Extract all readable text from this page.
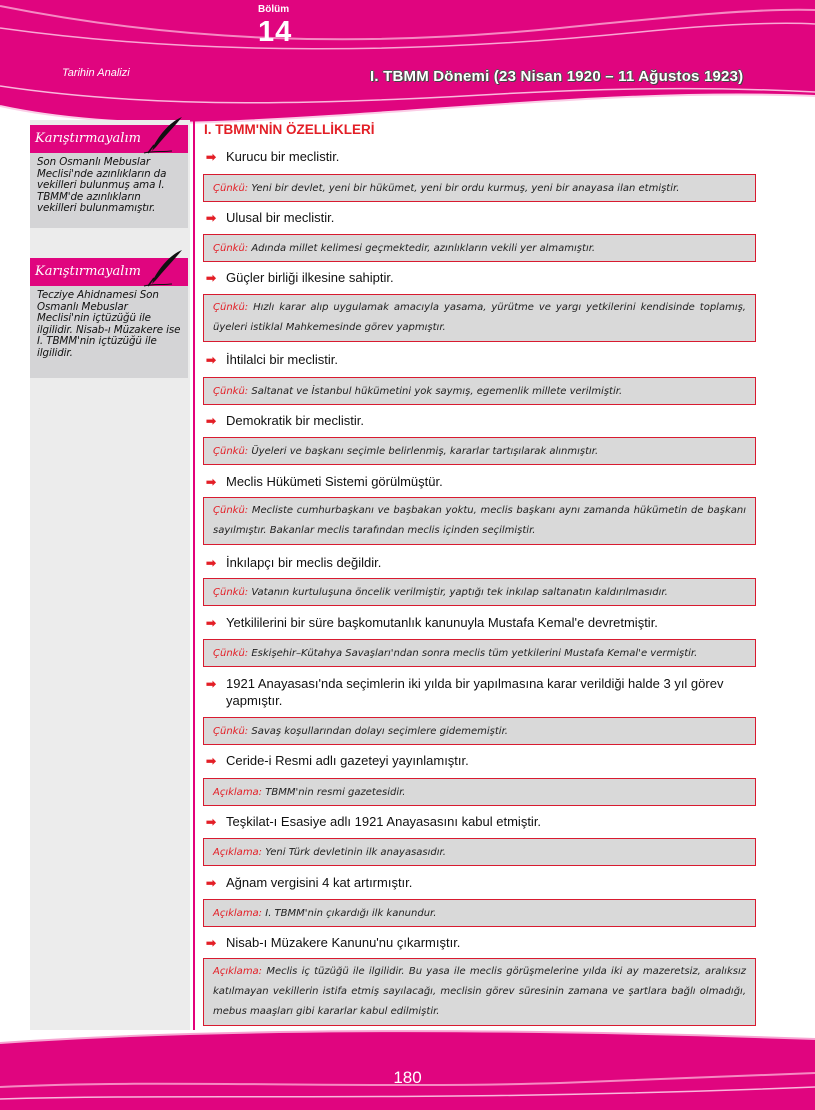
Bölüm
14
Tarihin Analizi	I. TBMM Dönemi (23 Nisan 1920 – 11 Ağustos 1923)
Karıştırmayalım
Son Osmanlı Mebuslar Meclisi'nde azınlıkların da vekilleri bulunmuş ama I. TBMM'de azınlıkların vekilleri bulunmamıştır.
Karıştırmayalım
Tecziye Ahidnamesi Son Osmanlı Mebuslar Meclisi'nin içtüzüğü ile ilgilidir. Nisab-ı Müzakere ise I. TBMM'nin içtüzüğü ile ilgilidir.
I. TBMM'NİN ÖZELLİKLERİ
➡ Kurucu bir meclistir.
Çünkü: Yeni bir devlet, yeni bir hükümet, yeni bir ordu kurmuş, yeni bir anayasa ilan etmiştir.
➡ Ulusal bir meclistir.
Çünkü: Adında millet kelimesi geçmektedir, azınlıkların vekili yer almamıştır.
➡ Güçler birliği ilkesine sahiptir.
Çünkü: Hızlı karar alıp uygulamak amacıyla yasama, yürütme ve yargı yetkilerini kendisinde toplamış, üyeleri istiklal Mahkemesinde görev yapmıştır.
➡ İhtilalci bir meclistir.
Çünkü: Saltanat ve İstanbul hükümetini yok saymış, egemenlik millete verilmiştir.
➡ Demokratik bir meclistir.
Çünkü: Üyeleri ve başkanı seçimle belirlenmiş, kararlar tartışılarak alınmıştır.
➡ Meclis Hükümeti Sistemi görülmüştür.
Çünkü: Mecliste cumhurbaşkanı ve başbakan yoktu, meclis başkanı aynı zamanda hükümetin de başkanı sayılmıştır. Bakanlar meclis tarafından meclis içinden seçilmiştir.
➡ İnkılapçı bir meclis değildir.
Çünkü: Vatanın kurtuluşuna öncelik verilmiştir, yaptığı tek inkılap saltanatın kaldırılmasıdır.
➡ Yetkililerini bir süre başkomutanlık kanunuyla Mustafa Kemal'e devretmiştir.
Çünkü: Eskişehir–Kütahya Savaşları'ndan sonra meclis tüm yetkilerini Mustafa Kemal'e vermiştir.
➡ 1921 Anayasası'nda seçimlerin iki yılda bir yapılmasına karar verildiği halde 3 yıl görev yapmıştır.
Çünkü: Savaş koşullarından dolayı seçimlere gidememiştir.
➡ Ceride-i Resmi adlı gazeteyi yayınlamıştır.
Açıklama: TBMM'nin resmi gazetesidir.
➡ Teşkilat-ı Esasiye adlı 1921 Anayasasını kabul etmiştir.
Açıklama: Yeni Türk devletinin ilk anayasasıdır.
➡ Ağnam vergisini 4 kat artırmıştır.
Açıklama: I. TBMM'nin çıkardığı ilk kanundur.
➡ Nisab-ı Müzakere Kanunu'nu çıkarmıştır.
Açıklama: Meclis iç tüzüğü ile ilgilidir. Bu yasa ile meclis görüşmelerine yılda iki ay mazeretsiz, aralıksız katılmayan vekillerin istifa etmiş sayılacağı, meclisin görev süresinin zamana ve şartlara bağlı olmadığı, mebus maaşları gibi kararlar kabul edilmiştir.
180
